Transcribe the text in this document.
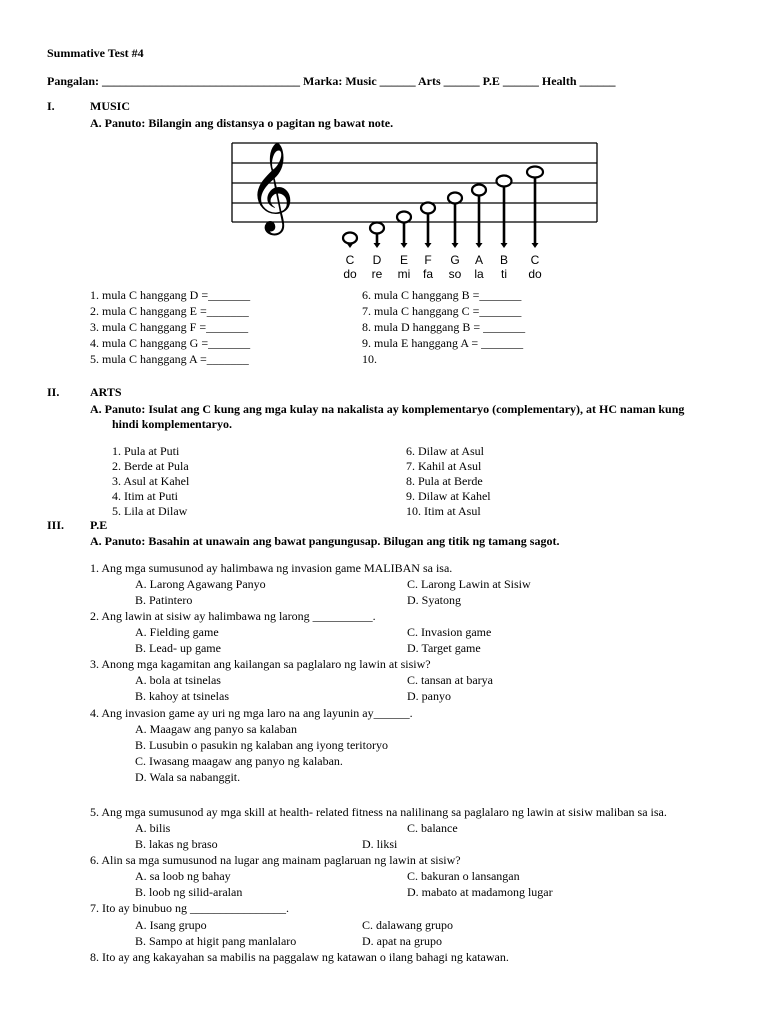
Summative Test #4
Pangalan: _________________________________ Marka: Music ______ Arts ______ P.E ______ Health ______
I.	MUSIC
A. Panuto: Bilangin ang distansya o pagitan ng bawat note.
𝄞
C
do
D
re
E
mi
F
fa
G
so
A
la
B
ti
C
do
1. mula C hanggang D =_______
2. mula C hanggang E =_______
3. mula C hanggang F =_______
4. mula C hanggang G =_______
5. mula C hanggang A =_______
6. mula C hanggang B =_______
7. mula C hanggang C =_______
8. mula D hanggang B = _______
9. mula E hanggang A = _______
10.
II.	ARTS
A. Panuto: Isulat ang C kung ang mga kulay na nakalista ay komplementaryo (complementary), at HC naman kung
hindi komplementaryo.
1. Pula at Puti
2. Berde at Pula
3. Asul at Kahel
4. Itim at Puti
5. Lila at Dilaw
6. Dilaw at Asul
7. Kahil at Asul
8. Pula at Berde
9. Dilaw at Kahel
10. Itim at Asul
III. P.E
A. Panuto: Basahin at unawain ang bawat pangungusap. Bilugan ang titik ng tamang sagot.
1. Ang mga sumusunod ay halimbawa ng invasion game MALIBAN sa isa.
A. Larong Agawang Panyo	C. Larong Lawin at Sisiw
B. Patintero	D. Syatong
2. Ang lawin at sisiw ay halimbawa ng larong __________.
A. Fielding game	C. Invasion game
B. Lead- up game	D. Target game
3. Anong mga kagamitan ang kailangan sa paglalaro ng lawin at sisiw?
A. bola at tsinelas	C. tansan at barya
B. kahoy at tsinelas	D. panyo
4. Ang invasion game ay uri ng mga laro na ang layunin ay______.
A. Maagaw ang panyo sa kalaban
B. Lusubin o pasukin ng kalaban ang iyong teritoryo
C. Iwasang maagaw ang panyo ng kalaban.
D. Wala sa nabanggit.
5. Ang mga sumusunod ay mga skill at health- related fitness na nalilinang sa paglalaro ng lawin at sisiw maliban sa isa.
A. bilis	C. balance
B. lakas ng braso	D. liksi
6. Alin sa mga sumusunod na lugar ang mainam paglaruan ng lawin at sisiw?
A. sa loob ng bahay	C. bakuran o lansangan
B. loob ng silid-aralan	D. mabato at madamong lugar
7. Ito ay binubuo ng ________________.
A. Isang grupo	C. dalawang grupo
B. Sampo at higit pang manlalaro	D. apat na grupo
8. Ito ay ang kakayahan sa mabilis na paggalaw ng katawan o ilang bahagi ng katawan.
